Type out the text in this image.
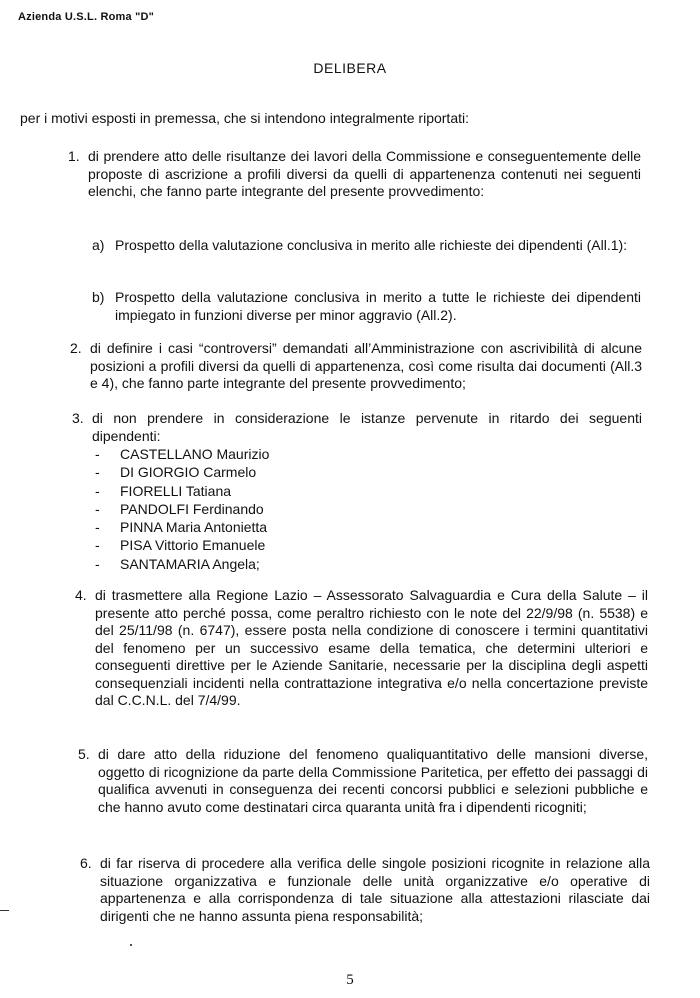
Azienda U.S.L. Roma "D"
DELIBERA
per i motivi esposti in premessa, che si intendono integralmente riportati:
1. di prendere atto delle risultanze dei lavori della Commissione e conseguentemente delle proposte di ascrizione a profili diversi da quelli di appartenenza contenuti nei seguenti elenchi, che fanno parte integrante del presente provvedimento:
a) Prospetto della valutazione conclusiva in merito alle richieste dei dipendenti (All.1):
b) Prospetto della valutazione conclusiva in merito a tutte le richieste dei dipendenti impiegato in funzioni diverse per minor aggravio (All.2).
2. di definire i casi “controversi” demandati all’Amministrazione con ascrivibilità di alcune posizioni a profili diversi da quelli di appartenenza, così come risulta dai documenti (All.3 e 4), che fanno parte integrante del presente provvedimento;
3. di non prendere in considerazione le istanze pervenute in ritardo dei seguenti dipendenti:
- CASTELLANO Maurizio
- DI GIORGIO Carmelo
- FIORELLI Tatiana
- PANDOLFI Ferdinando
- PINNA Maria Antonietta
- PISA Vittorio Emanuele
- SANTAMARIA Angela;
4. di trasmettere alla Regione Lazio – Assessorato Salvaguardia e Cura della Salute – il presente atto perché possa, come peraltro richiesto con le note del 22/9/98 (n. 5538) e del 25/11/98 (n. 6747), essere posta nella condizione di conoscere i termini quantitativi del fenomeno per un successivo esame della tematica, che determini ulteriori e conseguenti direttive per le Aziende Sanitarie, necessarie per la disciplina degli aspetti consequenziali incidenti nella contrattazione integrativa e/o nella concertazione previste dal C.C.N.L. del 7/4/99.
5. di dare atto della riduzione del fenomeno qualiquantitativo delle mansioni diverse, oggetto di ricognizione da parte della Commissione Paritetica, per effetto dei passaggi di qualifica avvenuti in conseguenza dei recenti concorsi pubblici e selezioni pubbliche e che hanno avuto come destinatari circa quaranta unità fra i dipendenti ricogniti;
6. di far riserva di procedere alla verifica delle singole posizioni ricognite in relazione alla situazione organizzativa e funzionale delle unità organizzative e/o operative di appartenenza e alla corrispondenza di tale situazione alla attestazioni rilasciate dai dirigenti che ne hanno assunta piena responsabilità;
5
